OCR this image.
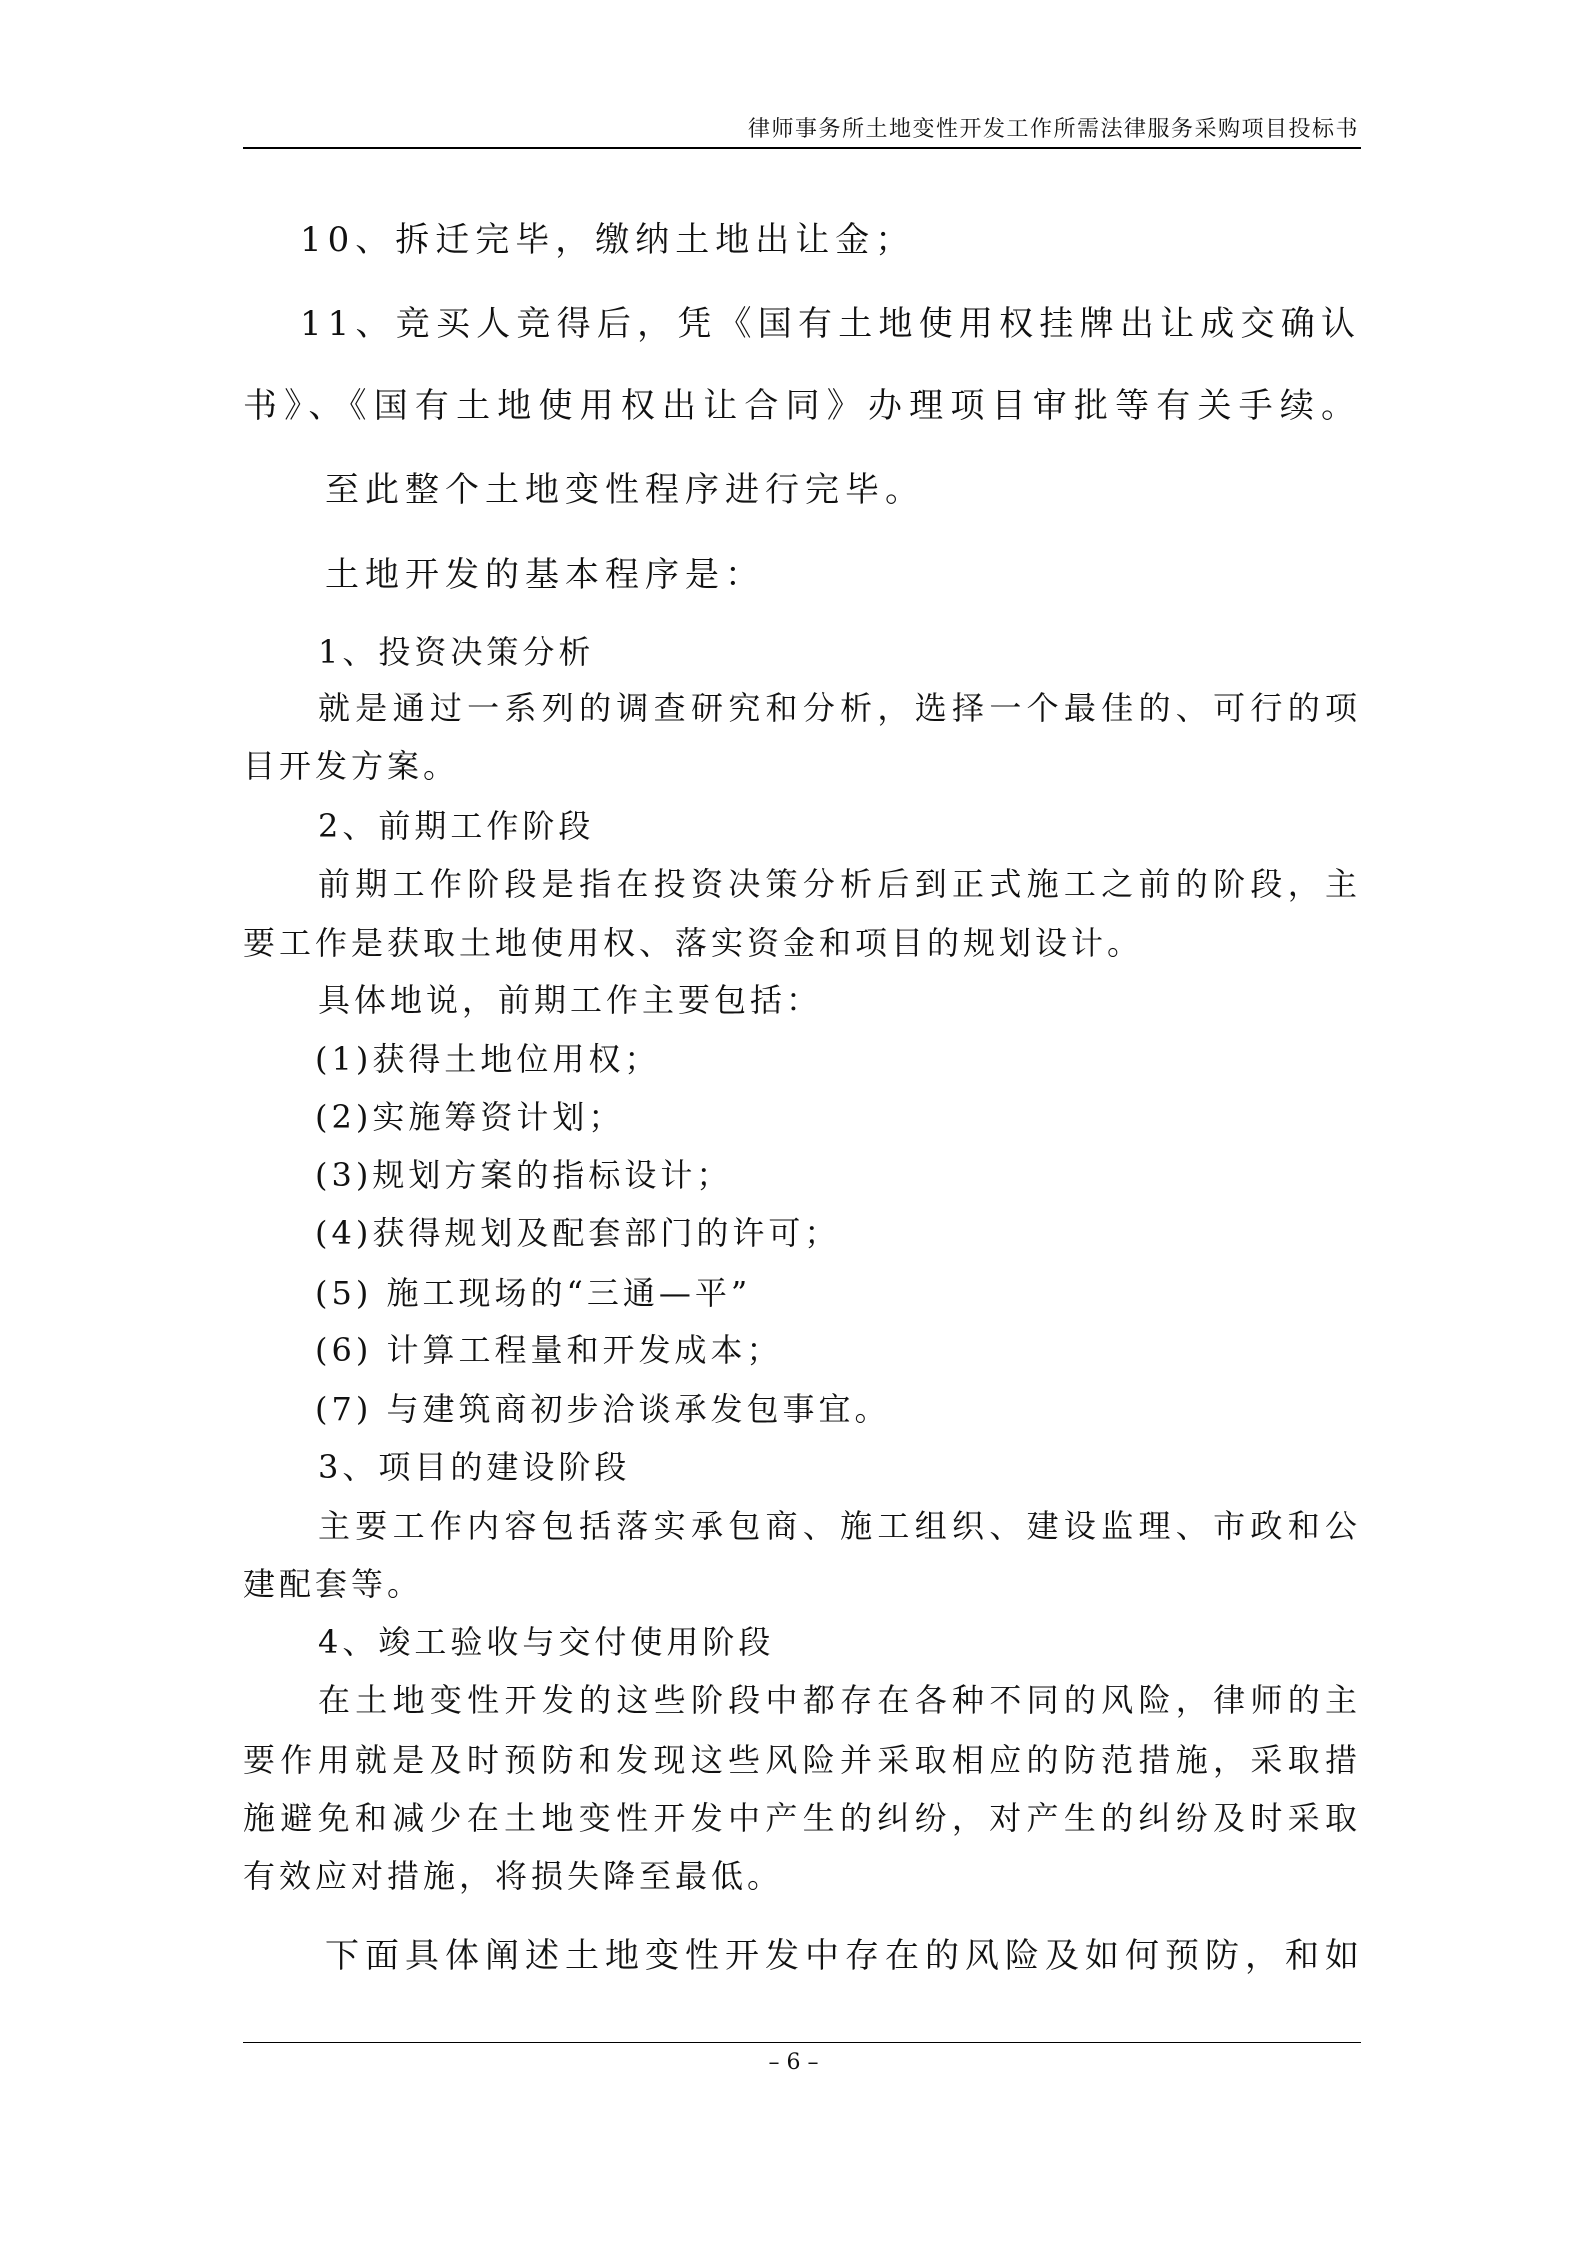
律师事务所土地变性开发工作所需法律服务采购项目投标书

10、拆迁完毕，缴纳土地出让金；

11、竞买人竞得后，凭《国有土地使用权挂牌出让成交确认

书》、《国有土地使用权出让合同》办理项目审批等有关手续。

至此整个土地变性程序进行完毕。

土地开发的基本程序是：

1、投资决策分析

就是通过一系列的调查研究和分析，选择一个最佳的、可行的项

目开发方案。

2、前期工作阶段

前期工作阶段是指在投资决策分析后到正式施工之前的阶段，主

要工作是获取土地使用权、落实资金和项目的规划设计。

具体地说，前期工作主要包括：

(1)获得土地位用权；

(2)实施筹资计划；

(3)规划方案的指标设计；

(4)获得规划及配套部门的许可；

(5) 施工现场的“三通—平”

(6) 计算工程量和开发成本；

(7) 与建筑商初步洽谈承发包事宜。

3、项目的建设阶段

主要工作内容包括落实承包商、施工组织、建设监理、市政和公

建配套等。

4、竣工验收与交付使用阶段

在土地变性开发的这些阶段中都存在各种不同的风险，律师的主

要作用就是及时预防和发现这些风险并采取相应的防范措施，采取措

施避免和减少在土地变性开发中产生的纠纷，对产生的纠纷及时采取

有效应对措施，将损失降至最低。

下面具体阐述土地变性开发中存在的风险及如何预防，和如

– 6 –
